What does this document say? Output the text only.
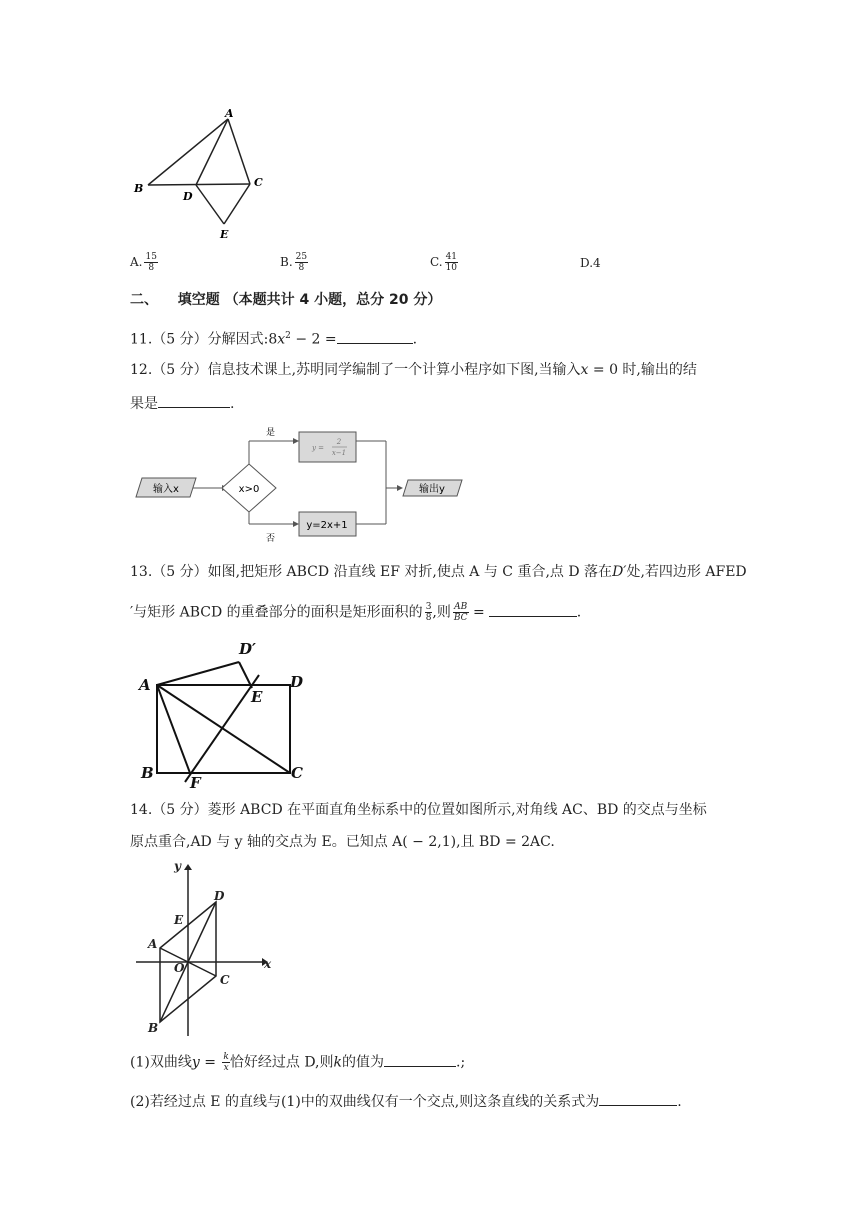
A
B	C
D
E
A. $\frac{15}{8}$	B. $\frac{25}{8}$	C. $\frac{41}{10}$	D.4
二、 填空题 （本题共计 4 小题，总分 20 分）
11.（5 分）分解因式$:8x^2 - 2$ =	.
12.（5 分）信息技术课上,苏明同学编制了一个计算小程序如下图,当输入x = 0 时,输出的结
果是	.
输入x	x>0
是
否
y =
2
x−1
y=2x+1
输出y
13.（5 分）如图,把矩形 ABCD 沿直线 EF 对折,使点 A 与 C 重合,点 D 落在D′处,若四边形 AFED
′与矩形 ABCD 的重叠部分的面积是矩形面积的 $\frac{3}{8}$ ,则 $\frac{AB}{BC}$ =	.
A
D′
E
D
B
F
C
14.（5 分）菱形 ABCD 在平面直角坐标系中的位置如图所示,对角线 AC、BD 的交点与坐标
原点重合,AD 与 y 轴的交点为 E。已知点 A( − 2,1),且 BD = 2AC.
x
y
D
E
A
O
C
B
(1)双曲线$y = \frac{k}{x}$ 恰好经过点 D,则k的值为	.;
(2)若经过点 E 的直线与(1)中的双曲线仅有一个交点,则这条直线的关系式为	.
